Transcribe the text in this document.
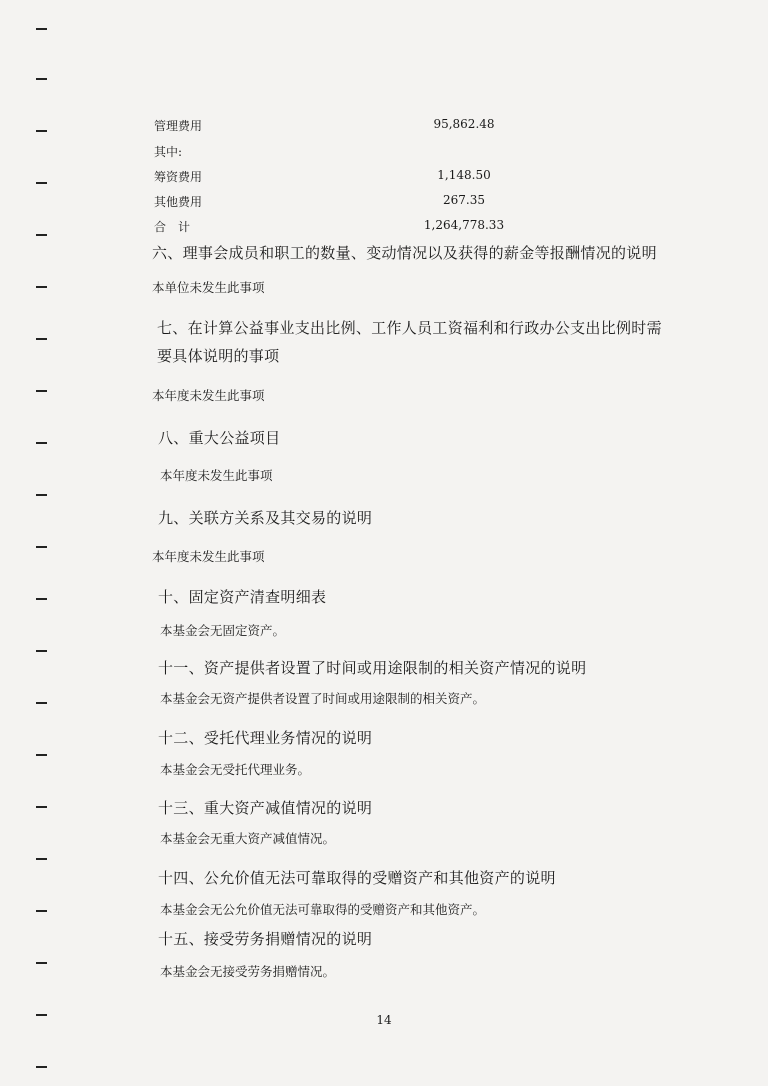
管理费用	95,862.48
其中:
筹资费用	1,148.50
其他费用	267.35
合　计	1,264,778.33
六、理事会成员和职工的数量、变动情况以及获得的薪金等报酬情况的说明
本单位未发生此事项
七、在计算公益事业支出比例、工作人员工资福利和行政办公支出比例时需要具体说明的事项
本年度未发生此事项
八、重大公益项目
本年度未发生此事项
九、关联方关系及其交易的说明
本年度未发生此事项
十、固定资产清查明细表
本基金会无固定资产。
十一、资产提供者设置了时间或用途限制的相关资产情况的说明
本基金会无资产提供者设置了时间或用途限制的相关资产。
十二、受托代理业务情况的说明
本基金会无受托代理业务。
十三、重大资产减值情况的说明
本基金会无重大资产减值情况。
十四、公允价值无法可靠取得的受赠资产和其他资产的说明
本基金会无公允价值无法可靠取得的受赠资产和其他资产。
十五、接受劳务捐赠情况的说明
本基金会无接受劳务捐赠情况。
14
